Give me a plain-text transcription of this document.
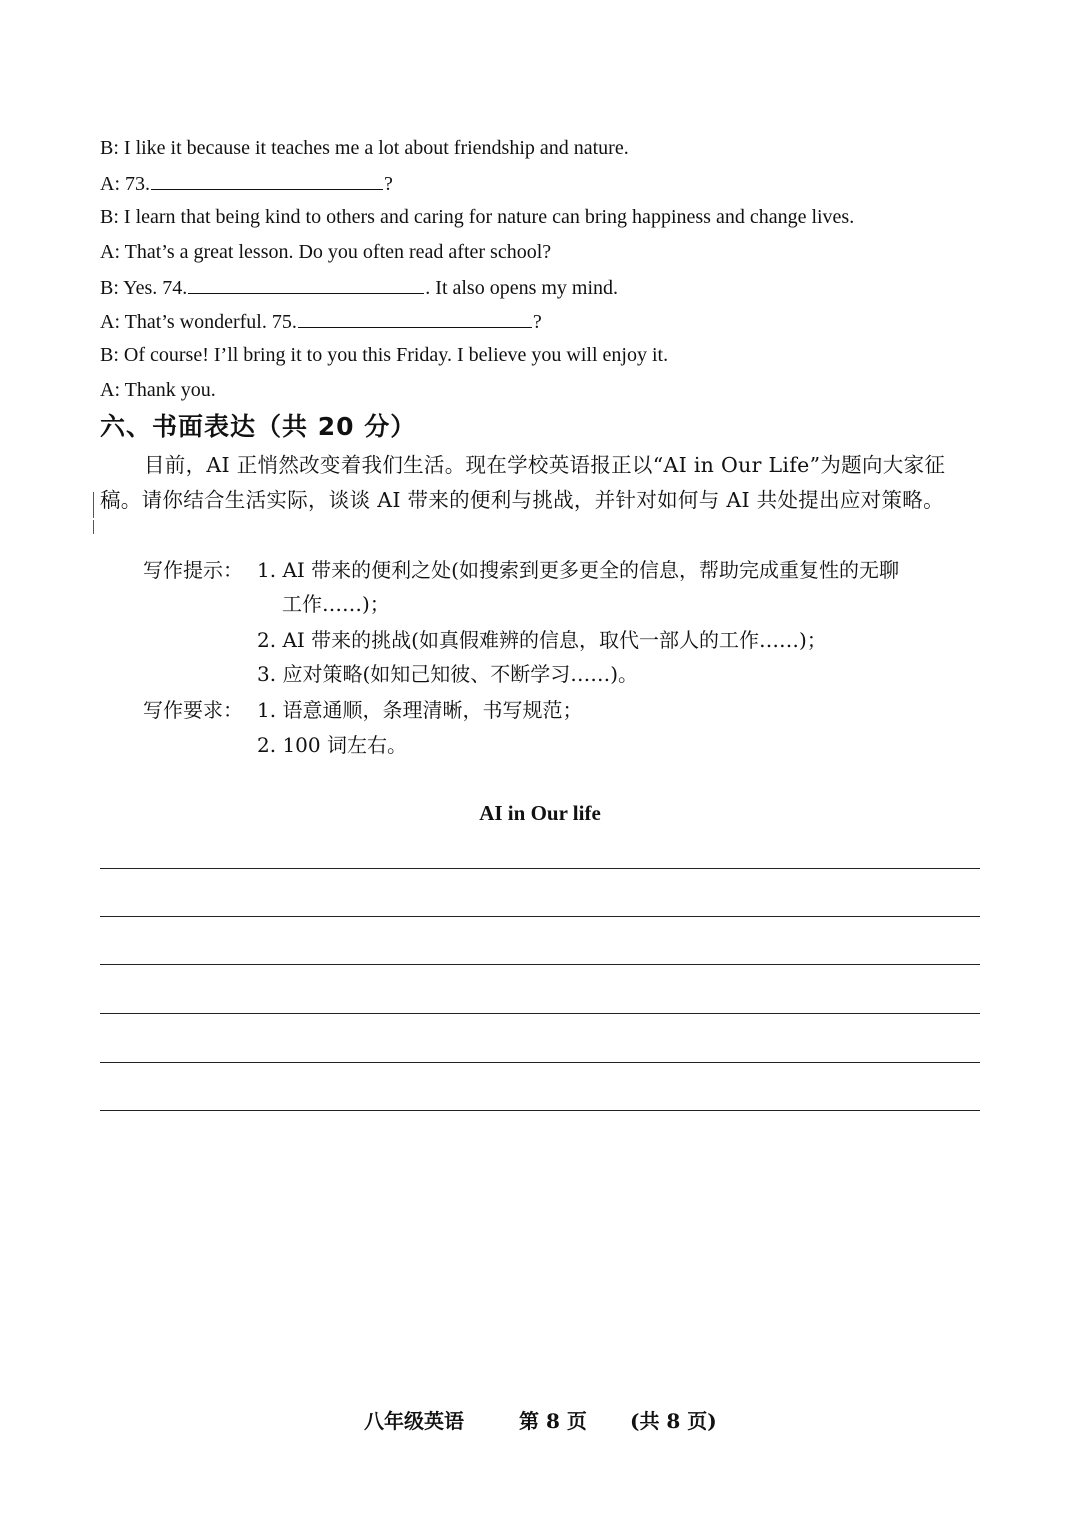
B: I like it because it teaches me a lot about friendship and nature.
A: 73.	?
B: I learn that being kind to others and caring for nature can bring happiness and change lives.
A: That’s a great lesson. Do you often read after school?
B: Yes. 74.	. It also opens my mind.
A: That’s wonderful. 75.	?
B: Of course! I’ll bring it to you this Friday. I believe you will enjoy it.
A: Thank you.
六、书面表达（共 20 分）
目前，AI 正悄然改变着我们生活。现在学校英语报正以“AI in Our Life”为题向大家征稿。请你结合生活实际，谈谈 AI 带来的便利与挑战，并针对如何与 AI 共处提出应对策略。
写作提示： 1. AI 带来的便利之处(如搜索到更多更全的信息，帮助完成重复性的无聊
工作……)；
2. AI 带来的挑战(如真假难辨的信息，取代一部人的工作……)；
3. 应对策略(如知己知彼、不断学习……)。
写作要求： 1. 语意通顺，条理清晰，书写规范；
2. 100 词左右。
AI in Our life
八年级英语	第 8 页 (共 8 页)
